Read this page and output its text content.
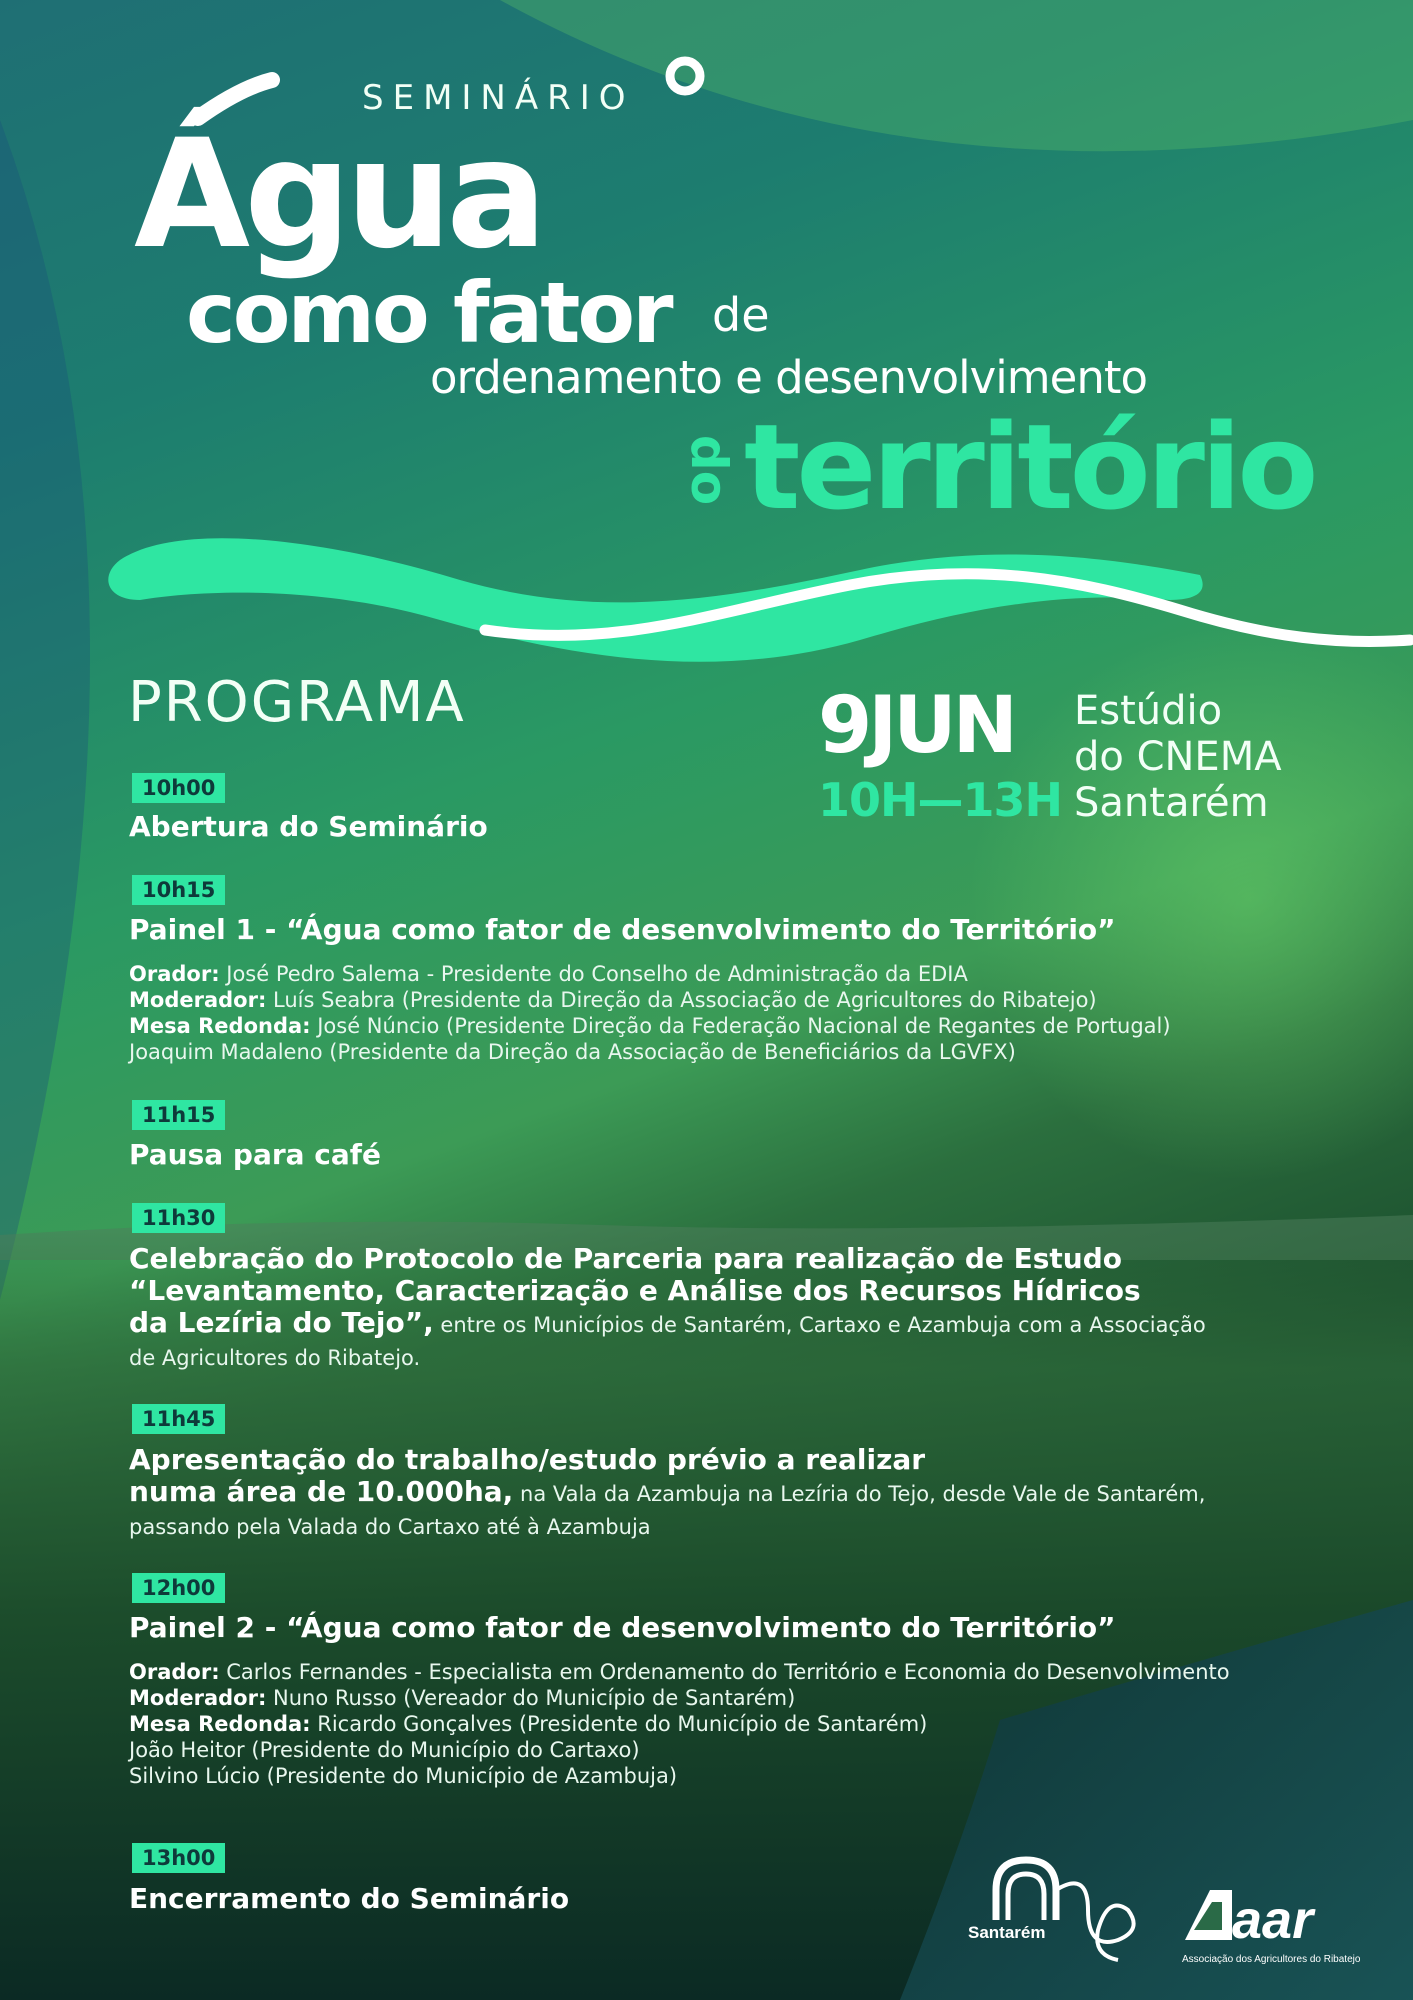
SEMINÁRIO
Água
como fator de
ordenamento e desenvolvimento
do território
PROGRAMA	9JUN
10H—13H
Estúdio
do CNEMA
Santarém
10h00
Abertura do Seminário
10h15
Painel 1 - “Água como fator de desenvolvimento do Território”
Orador: José Pedro Salema - Presidente do Conselho de Administração da EDIA
Moderador: Luís Seabra (Presidente da Direção da Associação de Agricultores do Ribatejo)
Mesa Redonda: José Núncio (Presidente Direção da Federação Nacional de Regantes de Portugal)
Joaquim Madaleno (Presidente da Direção da Associação de Beneficiários da LGVFX)
11h15
Pausa para café
11h30
Celebração do Protocolo de Parceria para realização de Estudo
“Levantamento, Caracterização e Análise dos Recursos Hídricos
da Lezíria do Tejo”, entre os Municípios de Santarém, Cartaxo e Azambuja com a Associação
de Agricultores do Ribatejo.
11h45
Apresentação do trabalho/estudo prévio a realizar
numa área de 10.000ha, na Vala da Azambuja na Lezíria do Tejo, desde Vale de Santarém,
passando pela Valada do Cartaxo até à Azambuja
12h00
Painel 2 - “Água como fator de desenvolvimento do Território”
Orador: Carlos Fernandes - Especialista em Ordenamento do Território e Economia do Desenvolvimento
Moderador: Nuno Russo (Vereador do Município de Santarém)
Mesa Redonda: Ricardo Gonçalves (Presidente do Município de Santarém)
João Heitor (Presidente do Município do Cartaxo)
Silvino Lúcio (Presidente do Município de Azambuja)
13h00
Encerramento do Seminário
Santarém	aar
Associação dos Agricultores do Ribatejo
